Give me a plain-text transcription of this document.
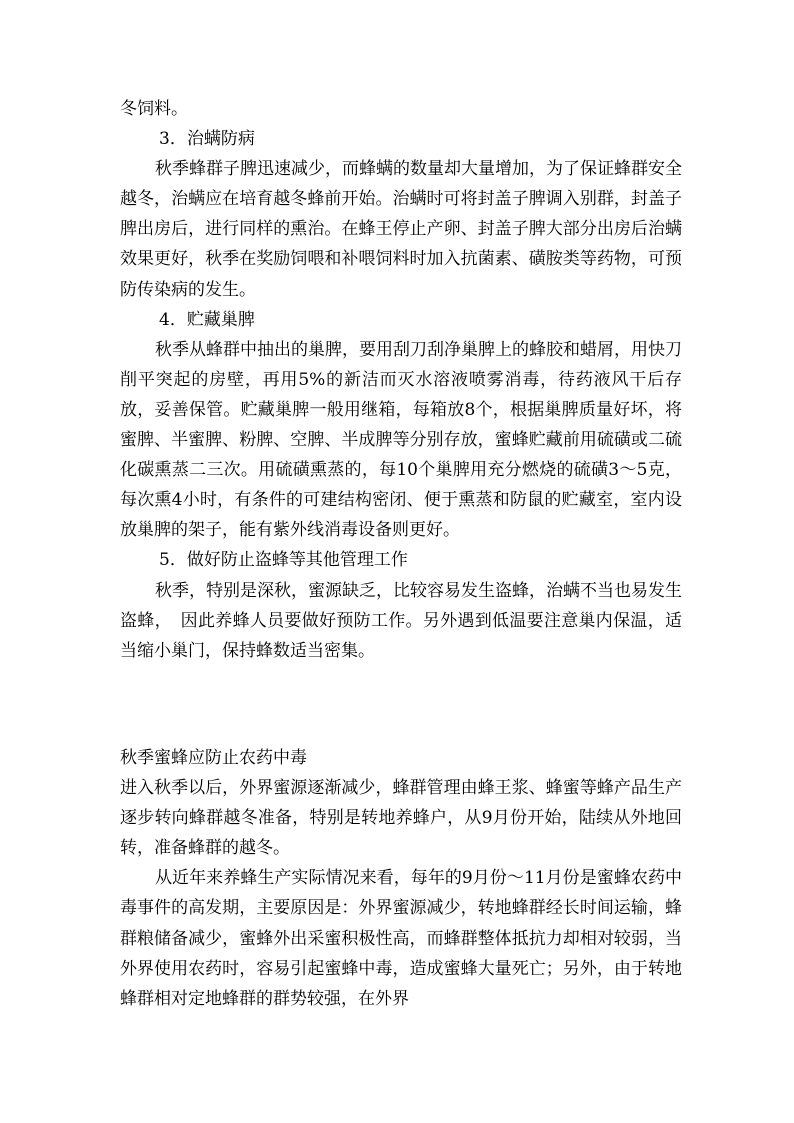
冬饲料。

3．治螨防病

秋季蜂群子脾迅速减少，而蜂螨的数量却大量增加，为了保证蜂群安全越冬，治螨应在培育越冬蜂前开始。治螨时可将封盖子脾调入别群，封盖子脾出房后，进行同样的熏治。在蜂王停止产卵、封盖子脾大部分出房后治螨效果更好，秋季在奖励饲喂和补喂饲料时加入抗菌素、磺胺类等药物，可预防传染病的发生。

4．贮藏巢脾

秋季从蜂群中抽出的巢脾，要用刮刀刮净巢脾上的蜂胶和蜡屑，用快刀削平突起的房壁，再用5%的新洁而灭水溶液喷雾消毒，待药液风干后存放，妥善保管。贮藏巢脾一般用继箱，每箱放8个，根据巢脾质量好坏，将蜜脾、半蜜脾、粉脾、空脾、半成脾等分别存放，蜜蜂贮藏前用硫磺或二硫化碳熏蒸二三次。用硫磺熏蒸的，每10个巢脾用充分燃烧的硫磺3～5克，每次熏4小时，有条件的可建结构密闭、便于熏蒸和防鼠的贮藏室，室内设放巢脾的架子，能有紫外线消毒设备则更好。

5．做好防止盗蜂等其他管理工作

秋季，特别是深秋，蜜源缺乏，比较容易发生盗蜂，治螨不当也易发生盗蜂，　因此养蜂人员要做好预防工作。另外遇到低温要注意巢内保温，适当缩小巢门，保持蜂数适当密集。

秋季蜜蜂应防止农药中毒

进入秋季以后，外界蜜源逐渐减少，蜂群管理由蜂王浆、蜂蜜等蜂产品生产逐步转向蜂群越冬准备，特别是转地养蜂户，从9月份开始，陆续从外地回转，准备蜂群的越冬。

从近年来养蜂生产实际情况来看，每年的9月份～11月份是蜜蜂农药中毒事件的高发期，主要原因是：外界蜜源减少，转地蜂群经长时间运输，蜂群粮储备减少，蜜蜂外出采蜜积极性高，而蜂群整体抵抗力却相对较弱，当外界使用农药时，容易引起蜜蜂中毒，造成蜜蜂大量死亡；另外，由于转地蜂群相对定地蜂群的群势较强，在外界
